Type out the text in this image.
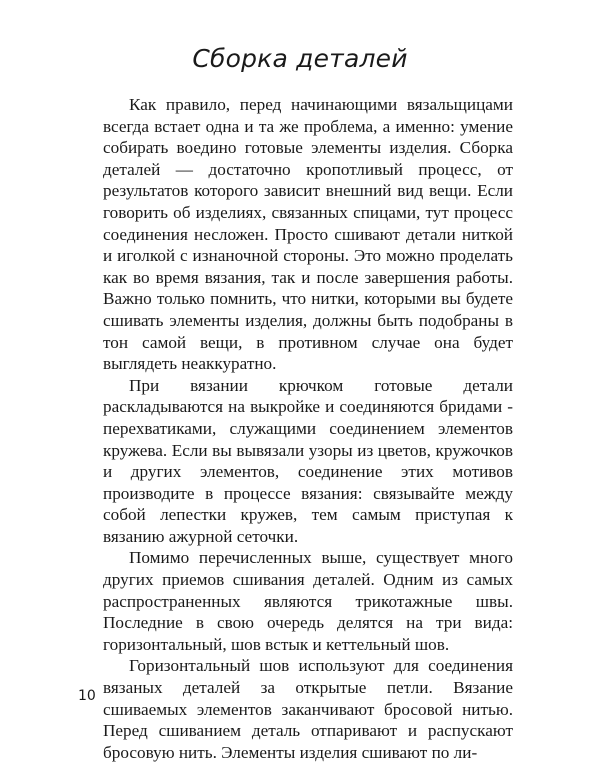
Сборка деталей

Как правило, перед начинающими вязальщицами всегда встает одна и та же проблема, а именно: умение собирать воедино готовые элементы изделия. Сборка деталей — достаточно кропотливый процесс, от результатов которого зависит внешний вид вещи. Если говорить об изделиях, связанных спицами, тут процесс соединения несложен. Просто сшивают детали ниткой и иголкой с изнаночной стороны. Это можно проделать как во время вязания, так и после завершения работы. Важно только помнить, что нитки, которыми вы будете сшивать элементы изделия, должны быть подобраны в тон самой вещи, в противном случае она будет выглядеть неаккуратно.

При вязании крючком готовые детали раскладываются на выкройке и соединяются бридами - перехватиками, служащими соединением элементов кружева. Если вы вывязали узоры из цветов, кружочков и других элементов, соединение этих мотивов производите в процессе вязания: связывайте между собой лепестки кружев, тем самым приступая к вязанию ажурной сеточки.

Помимо перечисленных выше, существует много других приемов сшивания деталей. Одним из самых распространенных являются трикотажные швы. Последние в свою очередь делятся на три вида: горизонтальный, шов встык и кеттельный шов.

Горизонтальный шов используют для соединения вязаных деталей за открытые петли. Вязание сшиваемых элементов заканчивают бросовой нитью. Перед сшиванием деталь отпаривают и распускают бросовую нить. Элементы изделия сшивают по ли-

10
